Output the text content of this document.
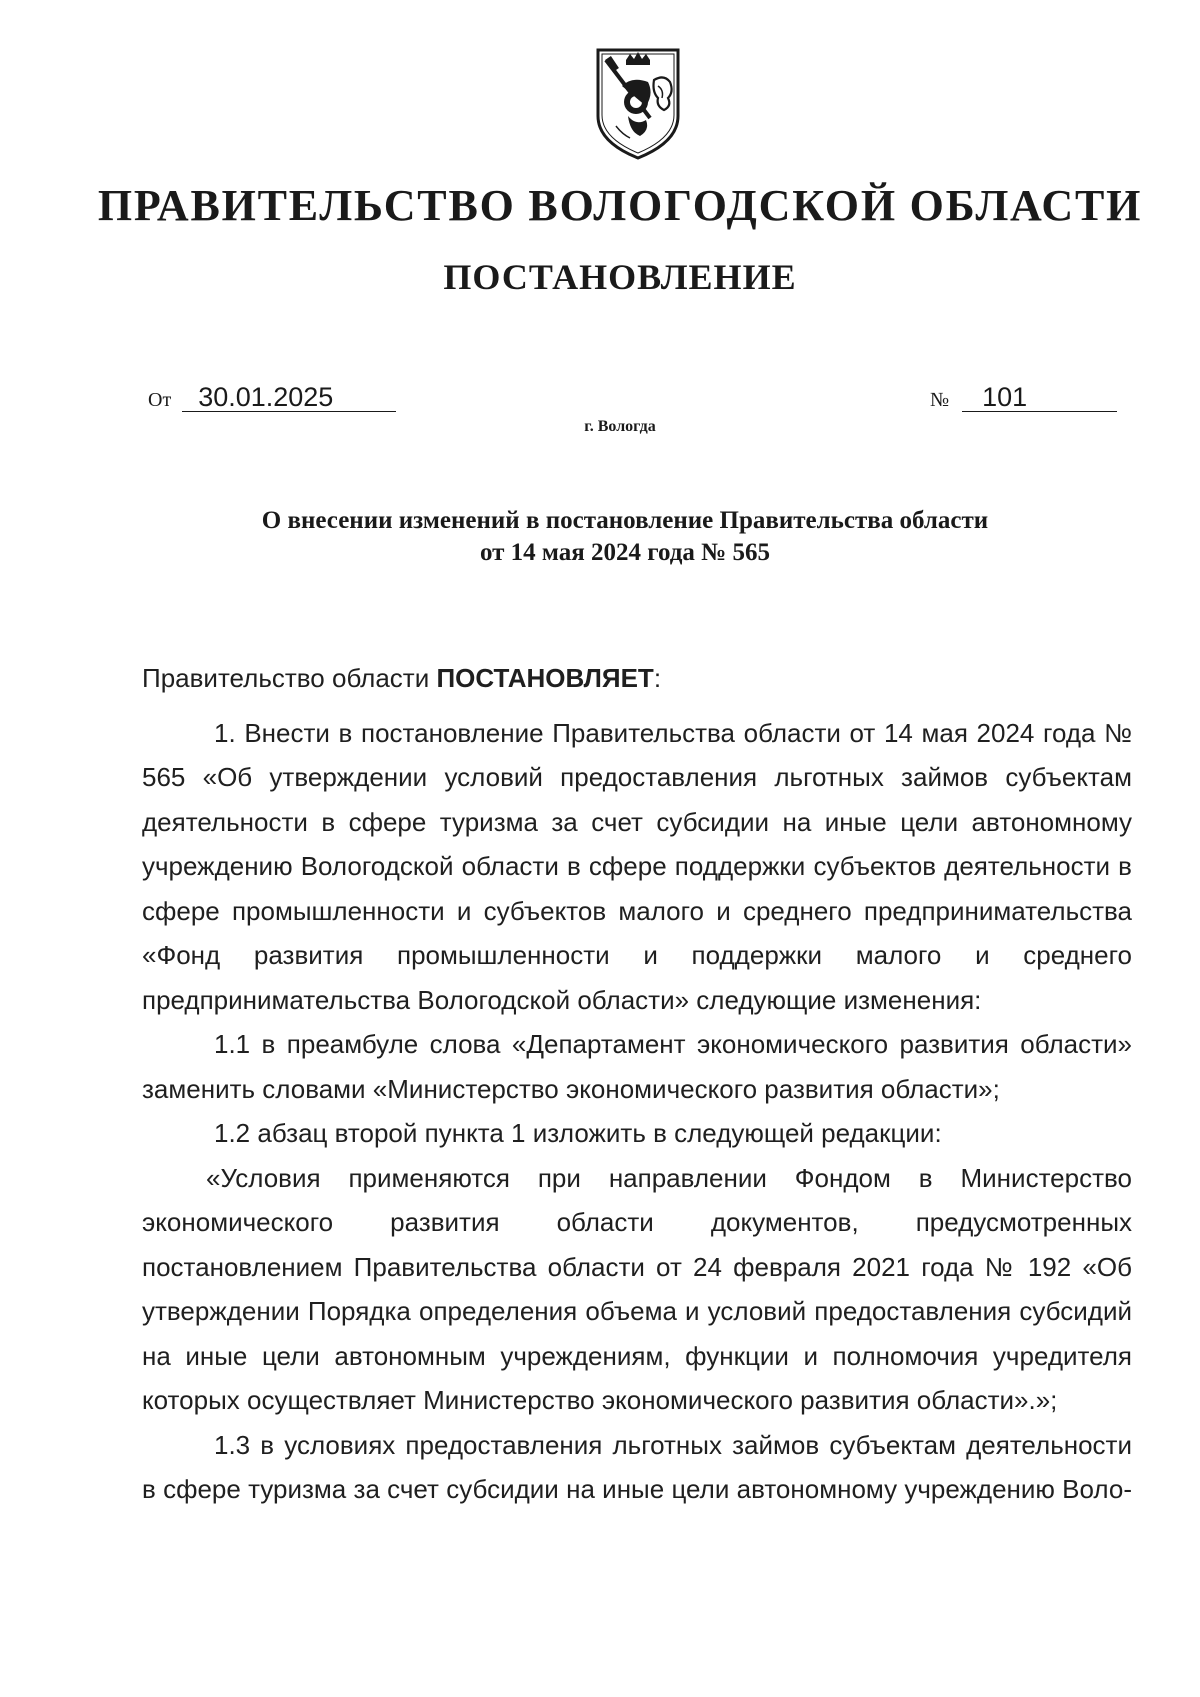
ПРАВИТЕЛЬСТВО ВОЛОГОДСКОЙ ОБЛАСТИ
ПОСТАНОВЛЕНИЕ
От 30.01.2025	№ 101
г. Вологда
О внесении изменений в постановление Правительства области
от 14 мая 2024 года № 565

Правительство области ПОСТАНОВЛЯЕТ:

1. Внести в постановление Правительства области от 14 мая 2024 года № 565 «Об утверждении условий предоставления льготных займов субъектам деятельности в сфере туризма за счет субсидии на иные цели автономному учреждению Вологодской области в сфере поддержки субъектов деятельности в сфере промышленности и субъектов малого и среднего предпринимательства «Фонд развития промышленности и поддержки малого и среднего предпринимательства Вологодской области» следующие изменения:

1.1 в преамбуле слова «Департамент экономического развития области» заменить словами «Министерство экономического развития области»;

1.2 абзац второй пункта 1 изложить в следующей редакции:

«Условия применяются при направлении Фондом в Министерство экономического развития области документов, предусмотренных постановлением Правительства области от 24 февраля 2021 года № 192 «Об утверждении Порядка определения объема и условий предоставления субсидий на иные цели автономным учреждениям, функции и полномочия учредителя которых осуществляет Министерство экономического развития области».»;

1.3 в условиях предоставления льготных займов субъектам деятельности в сфере туризма за счет субсидии на иные цели автономному учреждению Воло-
